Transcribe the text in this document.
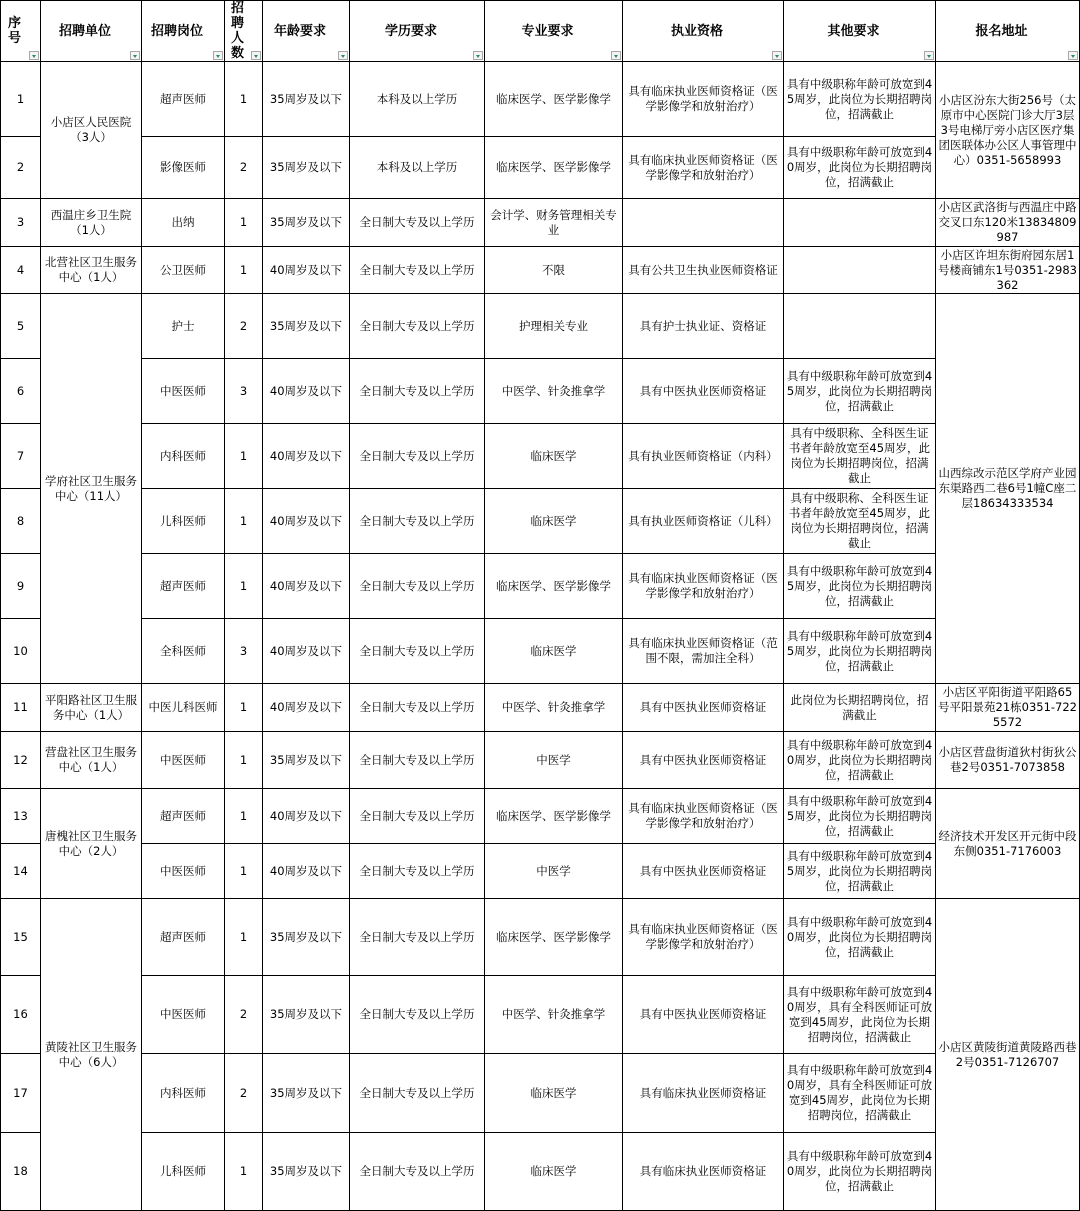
序号	招聘单位	招聘岗位	招聘人数	年龄要求	学历要求	专业要求	执业资格	其他要求	报名地址

1	小店区人民医院（3人）	超声医师	1	35周岁及以下	本科及以上学历	临床医学、医学影像学	具有临床执业医师资格证（医学影像学和放射治疗）	具有中级职称年龄可放宽到45周岁，此岗位为长期招聘岗位，招满截止	小店区汾东大街256号（太原市中心医院门诊大厅3层3号电梯厅旁小店区医疗集团医联体办公区人事管理中心）0351-5658993
2		影像医师	2	35周岁及以下	本科及以上学历	临床医学、医学影像学	具有临床执业医师资格证（医学影像学和放射治疗）	具有中级职称年龄可放宽到40周岁，此岗位为长期招聘岗位，招满截止	
3	西温庄乡卫生院（1人）	出纳	1	35周岁及以下	全日制大专及以上学历	会计学、财务管理相关专业			小店区武洛街与西温庄中路交叉口东120米13834809987
4	北营社区卫生服务中心（1人）	公卫医师	1	40周岁及以下	全日制大专及以上学历	不限	具有公共卫生执业医师资格证		小店区许坦东街府园东居1号楼商铺东1号0351-2983362
5	学府社区卫生服务中心（11人）	护士	2	35周岁及以下	全日制大专及以上学历	护理相关专业	具有护士执业证、资格证		山西综改示范区学府产业园东渠路西二巷6号1幢C座二层18634333534
6		中医医师	3	40周岁及以下	全日制大专及以上学历	中医学、针灸推拿学	具有中医执业医师资格证	具有中级职称年龄可放宽到45周岁，此岗位为长期招聘岗位，招满截止	
7		内科医师	1	40周岁及以下	全日制大专及以上学历	临床医学	具有执业医师资格证（内科）	具有中级职称、全科医生证书者年龄放宽至45周岁，此岗位为长期招聘岗位，招满截止	
8		儿科医师	1	40周岁及以下	全日制大专及以上学历	临床医学	具有执业医师资格证（儿科）	具有中级职称、全科医生证书者年龄放宽至45周岁，此岗位为长期招聘岗位，招满截止	
9		超声医师	1	40周岁及以下	全日制大专及以上学历	临床医学、医学影像学	具有临床执业医师资格证（医学影像学和放射治疗）	具有中级职称年龄可放宽到45周岁，此岗位为长期招聘岗位，招满截止	
10		全科医师	3	40周岁及以下	全日制大专及以上学历	临床医学	具有临床执业医师资格证（范围不限，需加注全科）	具有中级职称年龄可放宽到45周岁，此岗位为长期招聘岗位，招满截止	
11	平阳路社区卫生服务中心（1人）	中医儿科医师	1	40周岁及以下	全日制大专及以上学历	中医学、针灸推拿学	具有中医执业医师资格证	此岗位为长期招聘岗位，招满截止	小店区平阳街道平阳路65号平阳景苑21栋0351-7225572
12	营盘社区卫生服务中心（1人）	中医医师	1	35周岁及以下	全日制大专及以上学历	中医学	具有中医执业医师资格证	具有中级职称年龄可放宽到40周岁，此岗位为长期招聘岗位，招满截止	小店区营盘街道狄村街狄公巷2号0351-7073858
13	唐槐社区卫生服务中心（2人）	超声医师	1	40周岁及以下	全日制大专及以上学历	临床医学、医学影像学	具有临床执业医师资格证（医学影像学和放射治疗）	具有中级职称年龄可放宽到45周岁，此岗位为长期招聘岗位，招满截止	经济技术开发区开元街中段东侧0351-7176003
14		中医医师	1	40周岁及以下	全日制大专及以上学历	中医学	具有中医执业医师资格证	具有中级职称年龄可放宽到45周岁，此岗位为长期招聘岗位，招满截止	
15	黄陵社区卫生服务中心（6人）	超声医师	1	35周岁及以下	全日制大专及以上学历	临床医学、医学影像学	具有临床执业医师资格证（医学影像学和放射治疗）	具有中级职称年龄可放宽到40周岁，此岗位为长期招聘岗位，招满截止	小店区黄陵街道黄陵路西巷2号0351-7126707
16		中医医师	2	35周岁及以下	全日制大专及以上学历	中医学、针灸推拿学	具有中医执业医师资格证	具有中级职称年龄可放宽到40周岁，具有全科医师证可放宽到45周岁，此岗位为长期招聘岗位，招满截止	
17		内科医师	2	35周岁及以下	全日制大专及以上学历	临床医学	具有临床执业医师资格证	具有中级职称年龄可放宽到40周岁，具有全科医师证可放宽到45周岁，此岗位为长期招聘岗位，招满截止	
18		儿科医师	1	35周岁及以下	全日制大专及以上学历	临床医学	具有临床执业医师资格证	具有中级职称年龄可放宽到40周岁，此岗位为长期招聘岗位，招满截止	
